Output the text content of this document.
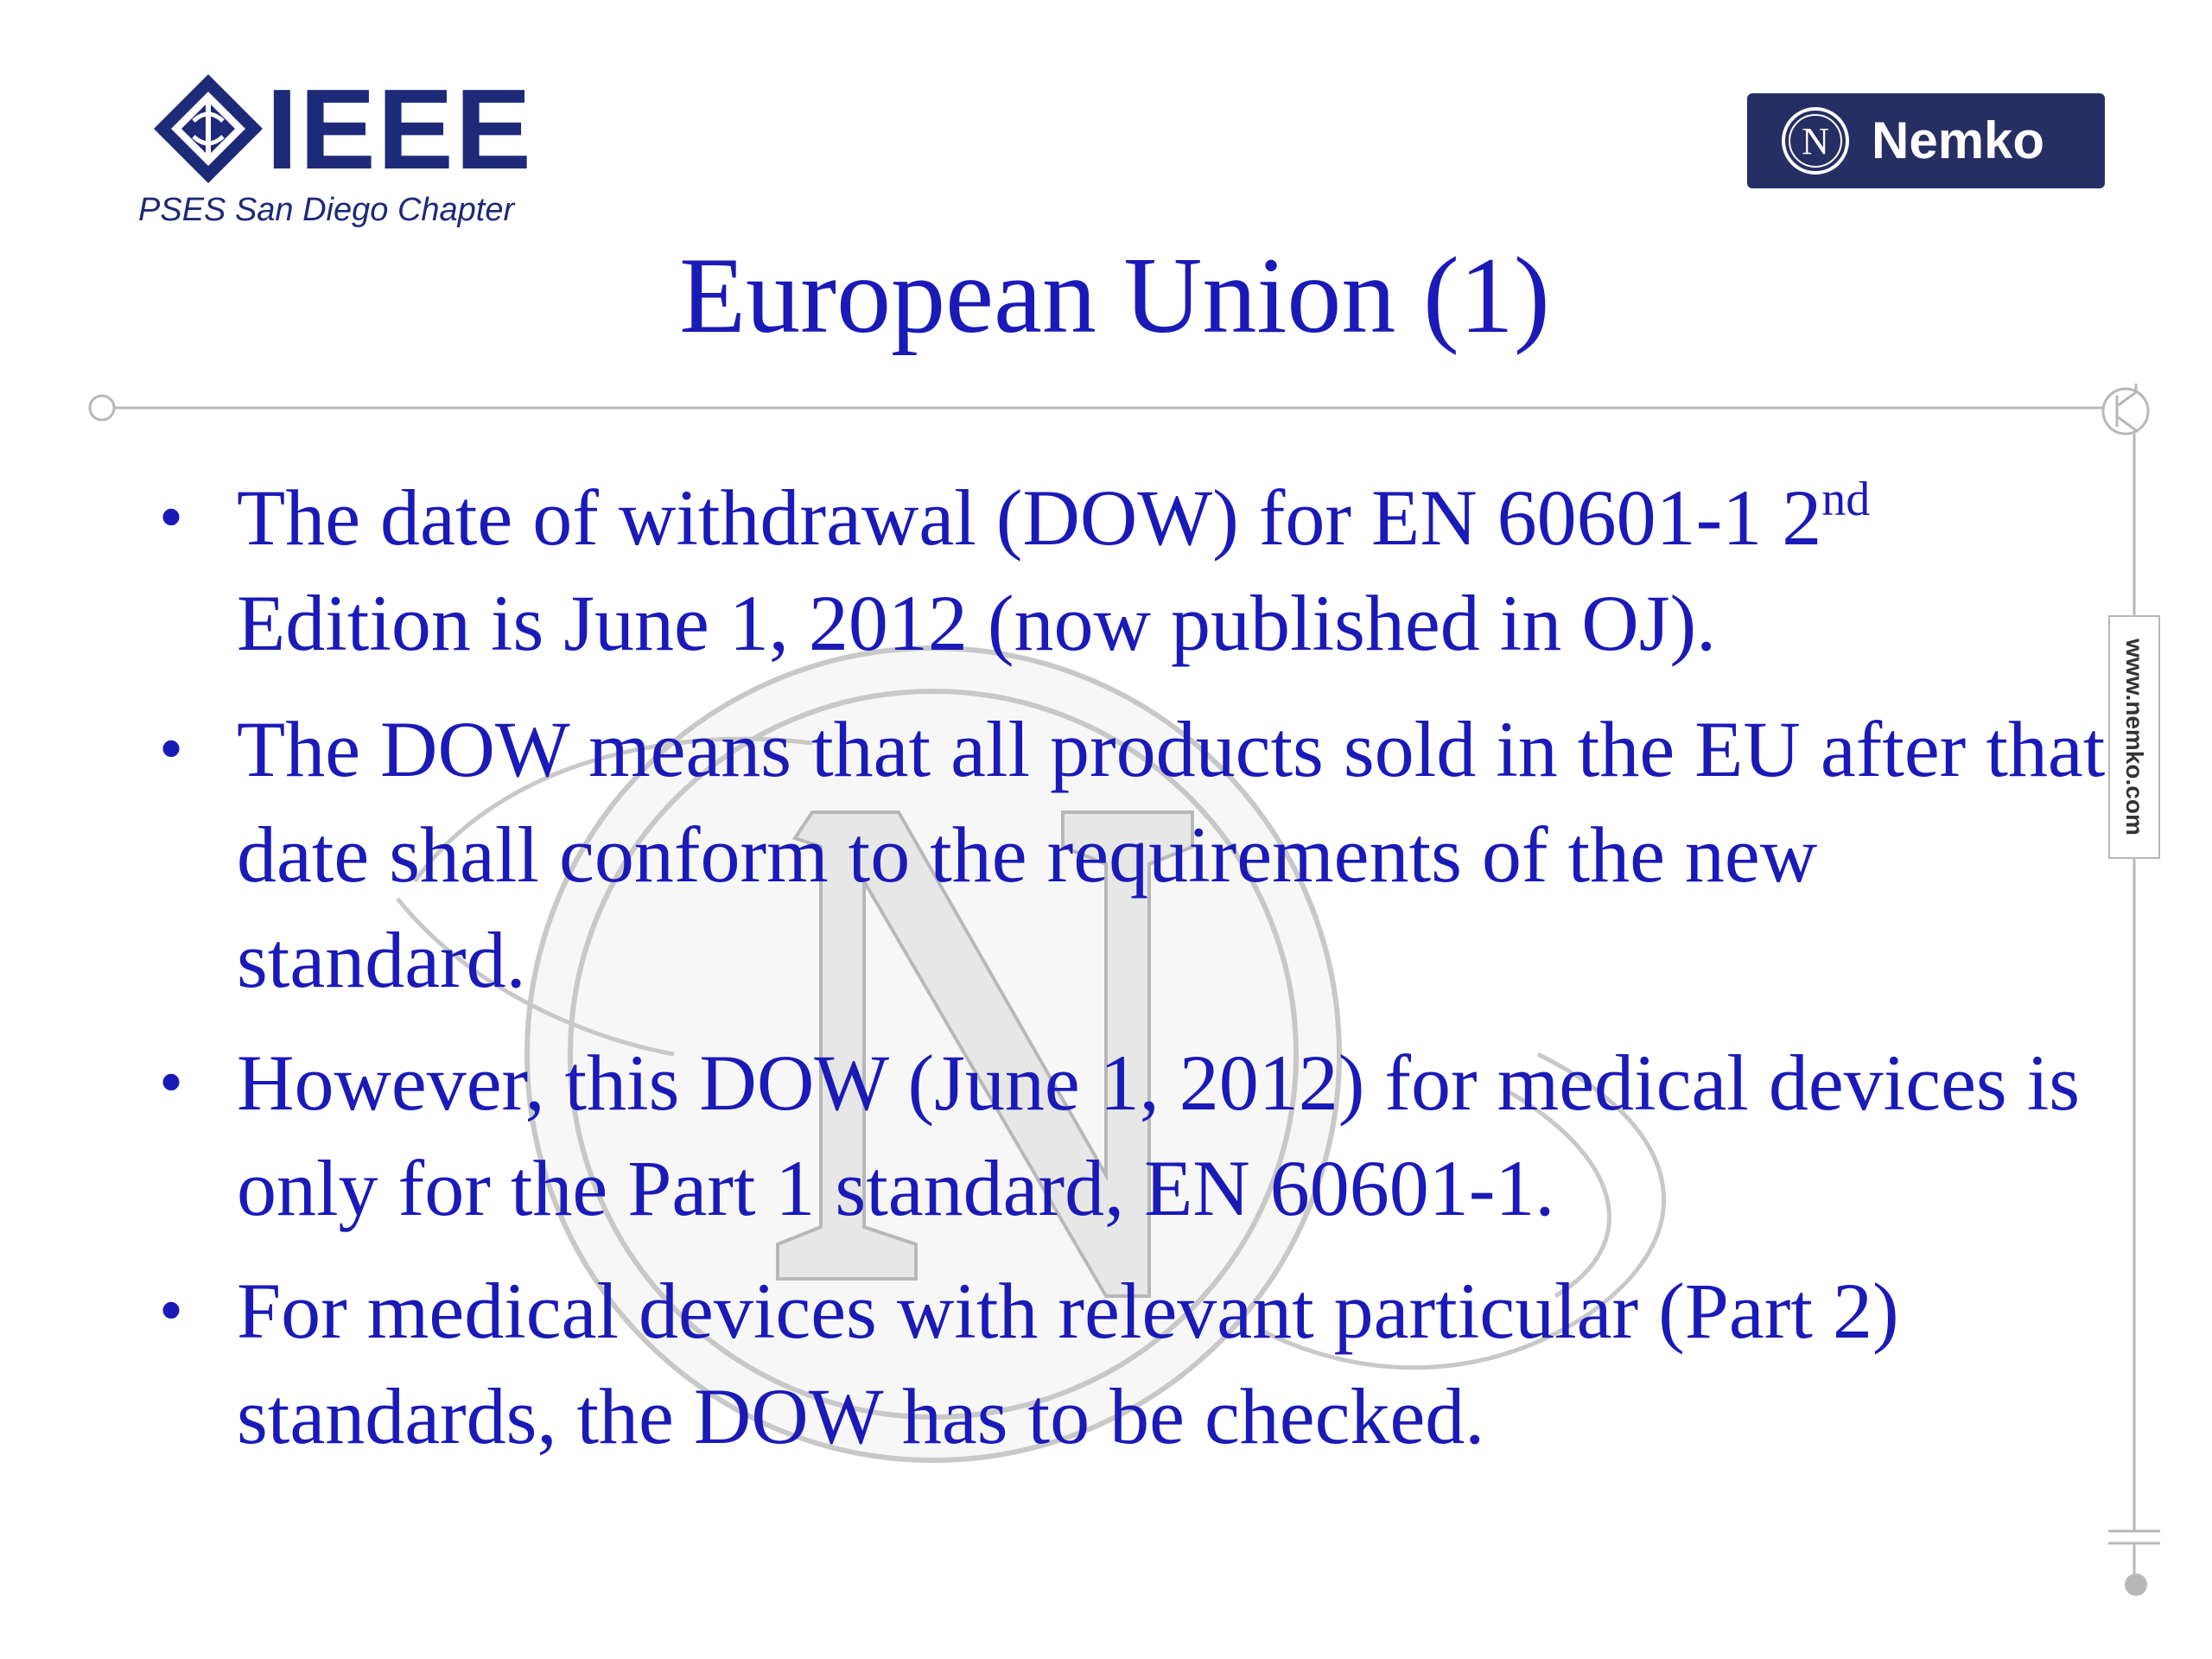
IEEE
PSES San Diego Chapter
N Nemko
European Union (1)
www.nemko.com
• The date of withdrawal (DOW) for EN 60601-1 2nd Edition is June 1, 2012 (now published in OJ).
• The DOW means that all products sold in the EU after that date shall conform to the requirements of the new standard.
• However, this DOW (June 1, 2012) for medical devices is only for the Part 1 standard, EN 60601-1.
• For medical devices with relevant particular (Part 2) standards, the DOW has to be checked.
